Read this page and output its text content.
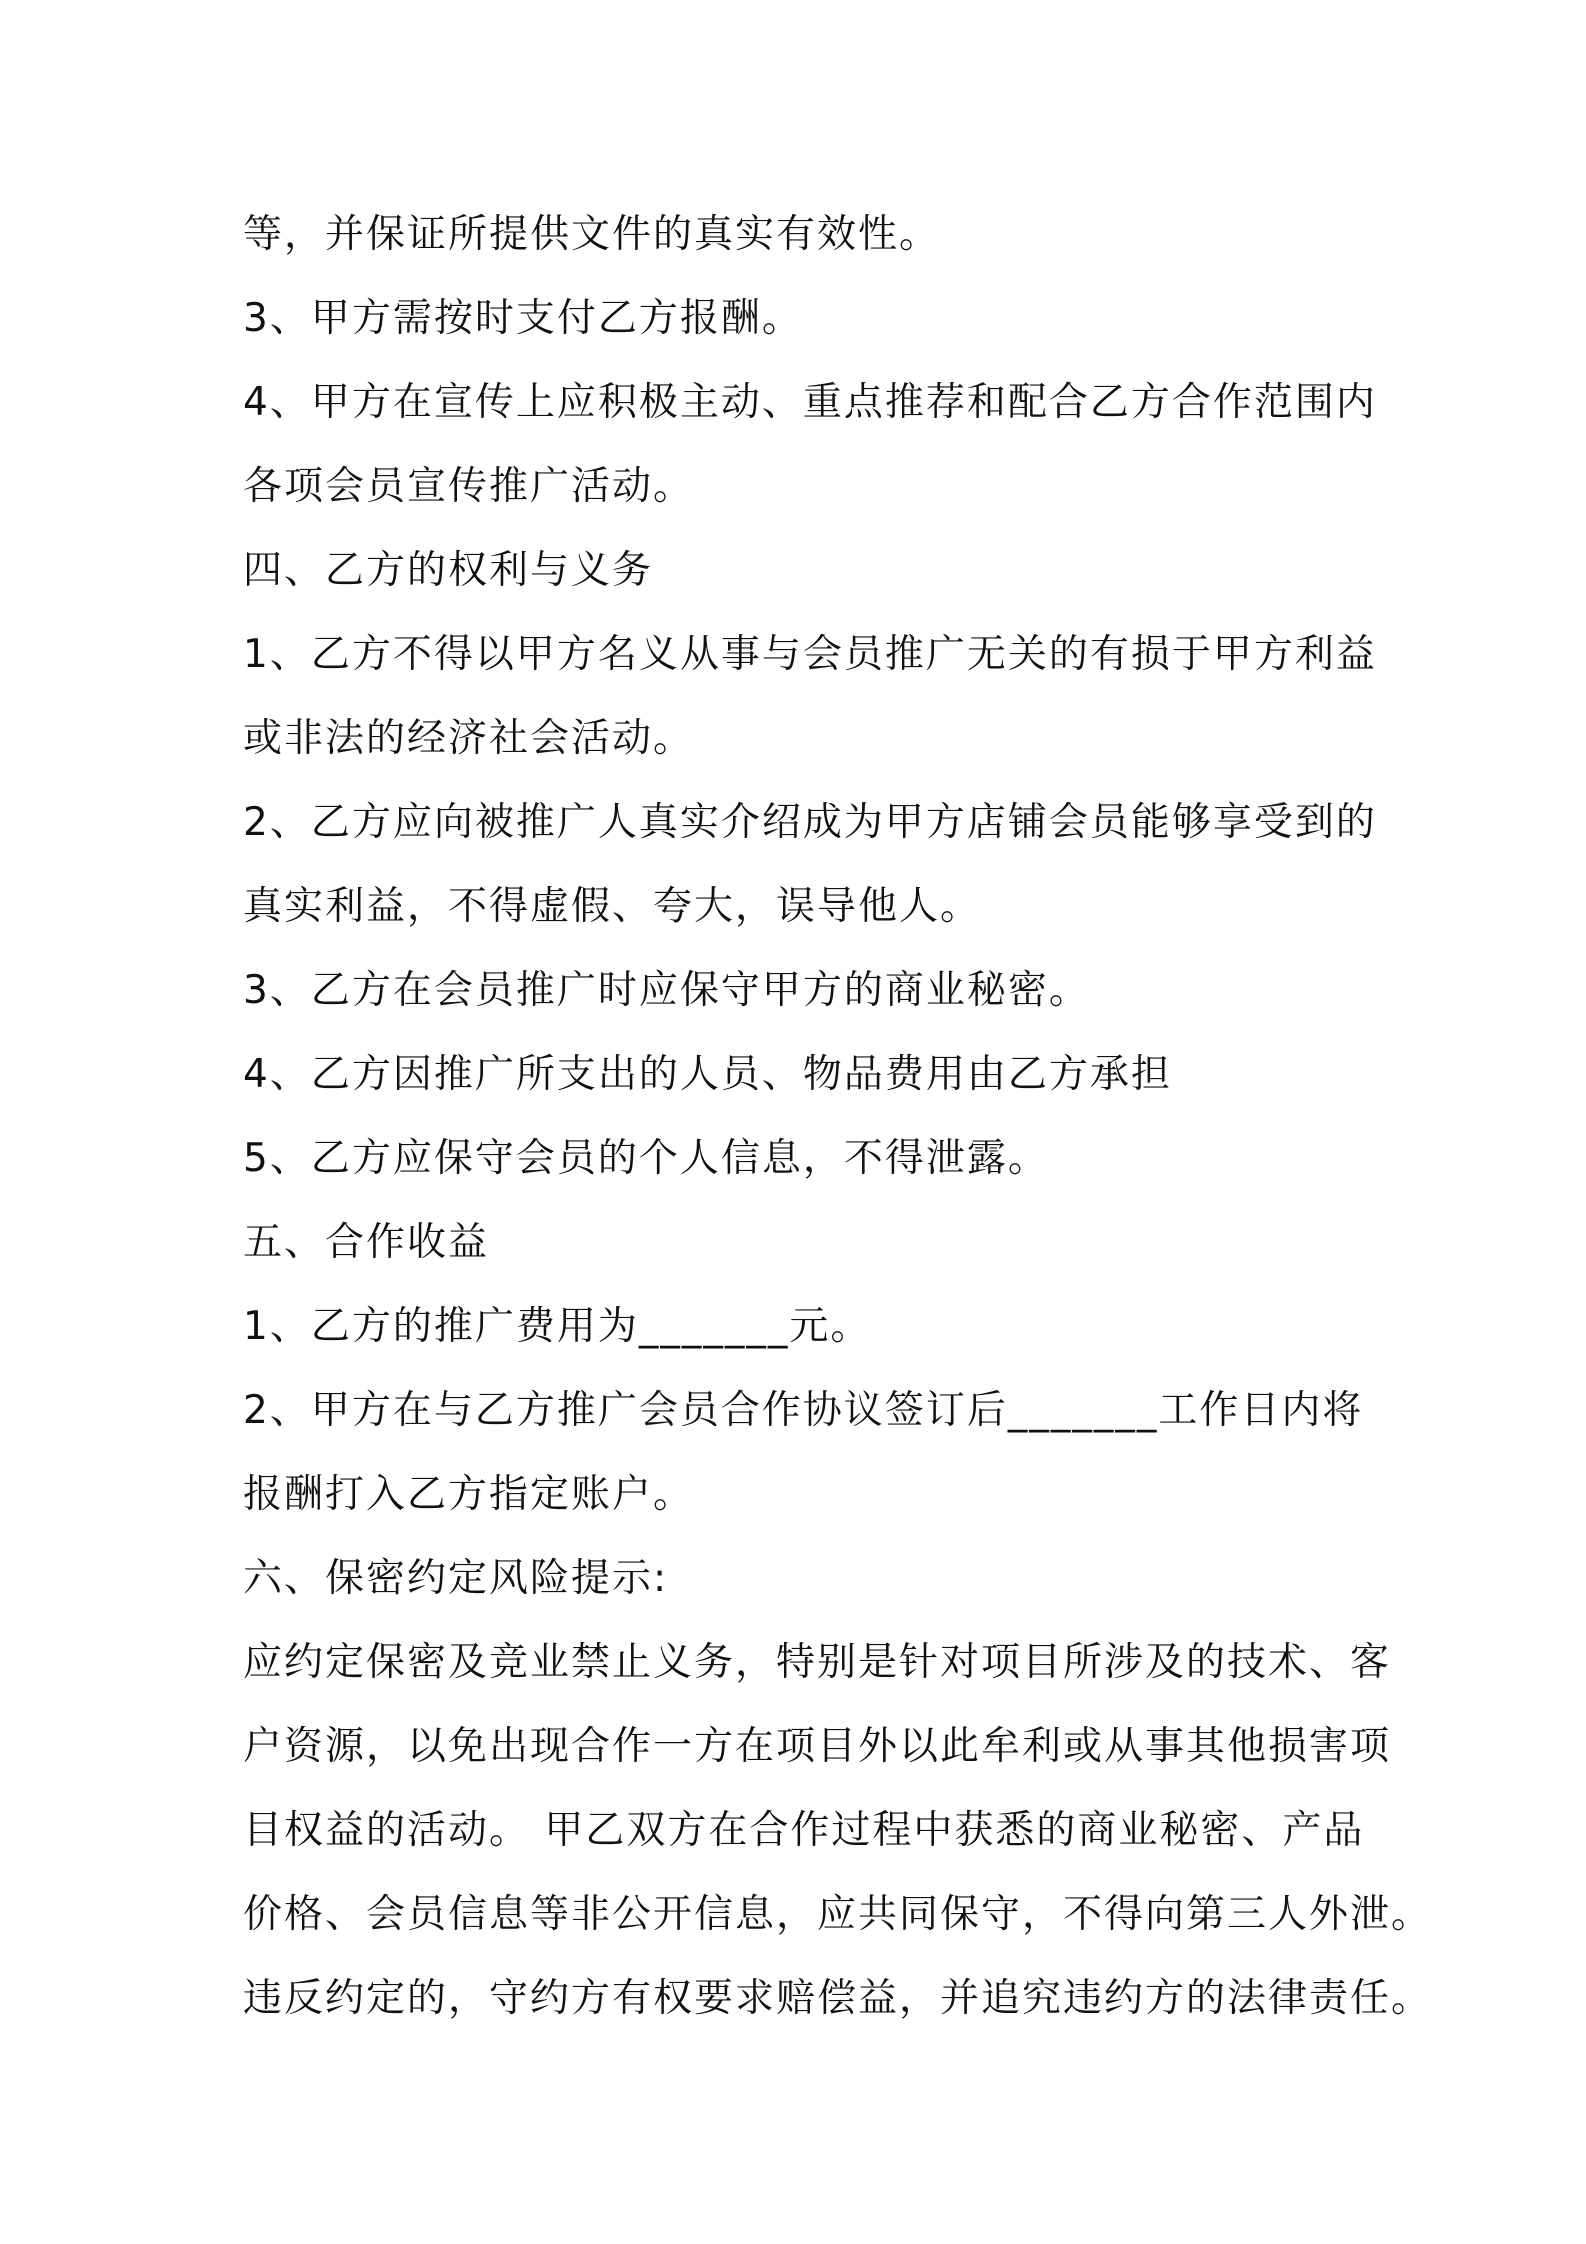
等，并保证所提供文件的真实有效性。
3、甲方需按时支付乙方报酬。
4、甲方在宣传上应积极主动、重点推荐和配合乙方合作范围内
各项会员宣传推广活动。
四、乙方的权利与义务
1、乙方不得以甲方名义从事与会员推广无关的有损于甲方利益
或非法的经济社会活动。
2、乙方应向被推广人真实介绍成为甲方店铺会员能够享受到的
真实利益，不得虚假、夸大，误导他人。
3、乙方在会员推广时应保守甲方的商业秘密。
4、乙方因推广所支出的人员、物品费用由乙方承担
5、乙方应保守会员的个人信息，不得泄露。
五、合作收益
1、乙方的推广费用为_______元。
2、甲方在与乙方推广会员合作协议签订后_______工作日内将
报酬打入乙方指定账户。
六、保密约定风险提示:
应约定保密及竞业禁止义务，特别是针对项目所涉及的技术、客
户资源，以免出现合作一方在项目外以此牟利或从事其他损害项
目权益的活动。 甲乙双方在合作过程中获悉的商业秘密、产品
价格、会员信息等非公开信息，应共同保守，不得向第三人外泄。
违反约定的，守约方有权要求赔偿益，并追究违约方的法律责任。
